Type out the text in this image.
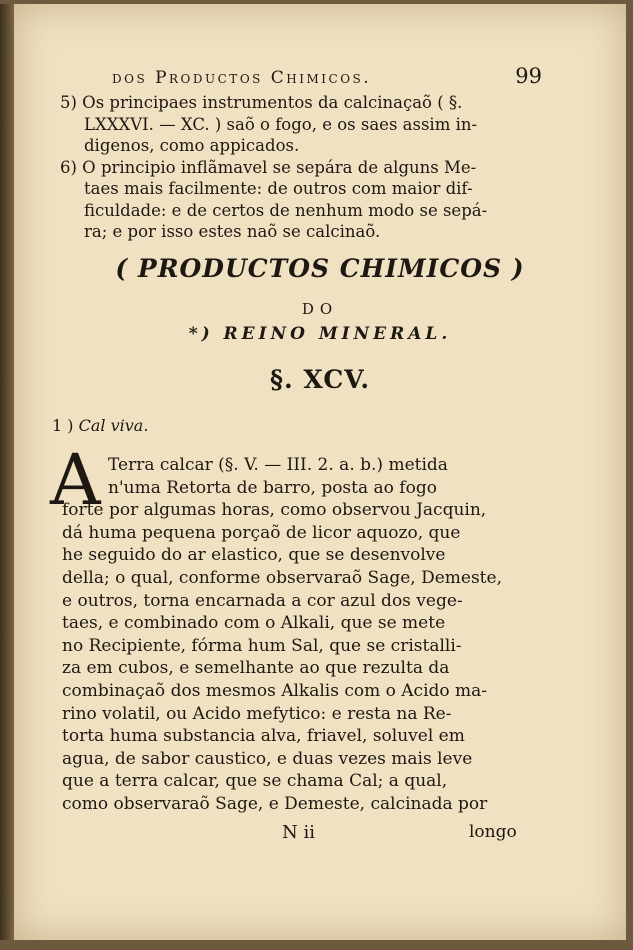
dos Productos Chimicos.	99
5) Os principaes instrumentos da calcinaçaõ ( §.
LXXXVI. — XC. ) saõ o fogo, e os saes assim in-
digenos, como appicados.
6) O principio inflãmavel se sepára de alguns Me-
taes mais facilmente: de outros com maior dif-
ficuldade: e de certos de nenhum modo se sepá-
ra; e por isso estes naõ se calcinaõ.
( PRODUCTOS CHIMICOS )
DO
*) REINO MINERAL.
§. XCV.
1 ) Cal viva.
A Terra calcar (§. V. — III. 2. a. b.) metida
n'uma Retorta de barro, posta ao fogo
forte por algumas horas, como observou Jacquin,
dá huma pequena porçaõ de licor aquozo, que
he seguido do ar elastico, que se desenvolve
della; o qual, conforme observaraõ Sage, Demeste,
e outros, torna encarnada a cor azul dos vege-
taes, e combinado com o Alkali, que se mete
no Recipiente, fórma hum Sal, que se cristalli-
za em cubos, e semelhante ao que rezulta da
combinaçaõ dos mesmos Alkalis com o Acido ma-
rino volatil, ou Acido mefytico: e resta na Re-
torta huma substancia alva, friavel, soluvel em
agua, de sabor caustico, e duas vezes mais leve
que a terra calcar, que se chama Cal; a qual,
como observaraõ Sage, e Demeste, calcinada por
N ii	longo
